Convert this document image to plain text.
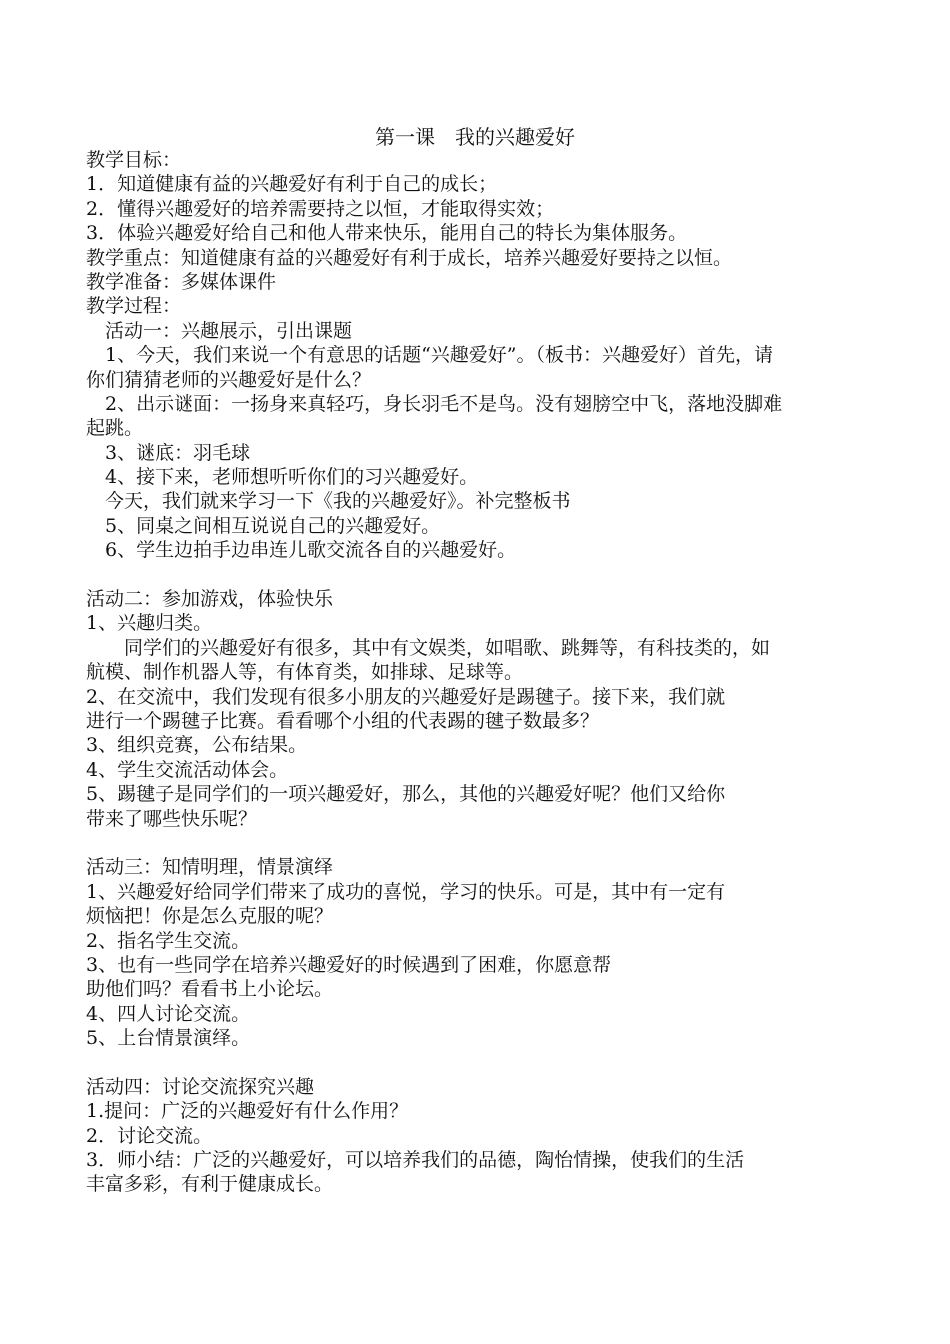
第一课　我的兴趣爱好
教学目标：
1．知道健康有益的兴趣爱好有利于自己的成长；
2．懂得兴趣爱好的培养需要持之以恒，才能取得实效；
3．体验兴趣爱好给自己和他人带来快乐，能用自己的特长为集体服务。
教学重点：知道健康有益的兴趣爱好有利于成长，培养兴趣爱好要持之以恒。
教学准备：多媒体课件
教学过程：
　活动一：兴趣展示，引出课题
　1、今天，我们来说一个有意思的话题“兴趣爱好”。（板书：兴趣爱好）首先，请
你们猜猜老师的兴趣爱好是什么？
　2、出示谜面：一扬身来真轻巧，身长羽毛不是鸟。没有翅膀空中飞，落地没脚难
起跳。
　3、谜底：羽毛球
　4、接下来，老师想听听你们的习兴趣爱好。
　今天，我们就来学习一下《我的兴趣爱好》。补完整板书
　5、同桌之间相互说说自己的兴趣爱好。
　6、学生边拍手边串连儿歌交流各自的兴趣爱好。
活动二：参加游戏，体验快乐
1、兴趣归类。
　　同学们的兴趣爱好有很多，其中有文娱类，如唱歌、跳舞等，有科技类的，如
航模、制作机器人等，有体育类，如排球、足球等。
2、在交流中，我们发现有很多小朋友的兴趣爱好是踢毽子。接下来，我们就
进行一个踢毽子比赛。看看哪个小组的代表踢的毽子数最多？
3、组织竞赛，公布结果。
4、学生交流活动体会。
5、踢毽子是同学们的一项兴趣爱好，那么，其他的兴趣爱好呢？他们又给你
带来了哪些快乐呢？
活动三：知情明理，情景演绎
1、兴趣爱好给同学们带来了成功的喜悦，学习的快乐。可是，其中有一定有
烦恼把！你是怎么克服的呢？
2、指名学生交流。
3、也有一些同学在培养兴趣爱好的时候遇到了困难，你愿意帮
助他们吗？看看书上小论坛。
4、四人讨论交流。
5、上台情景演绎。
活动四：讨论交流探究兴趣
1.提问：广泛的兴趣爱好有什么作用？
2．讨论交流。
3．师小结：广泛的兴趣爱好，可以培养我们的品德，陶怡情操，使我们的生活
丰富多彩，有利于健康成长。
